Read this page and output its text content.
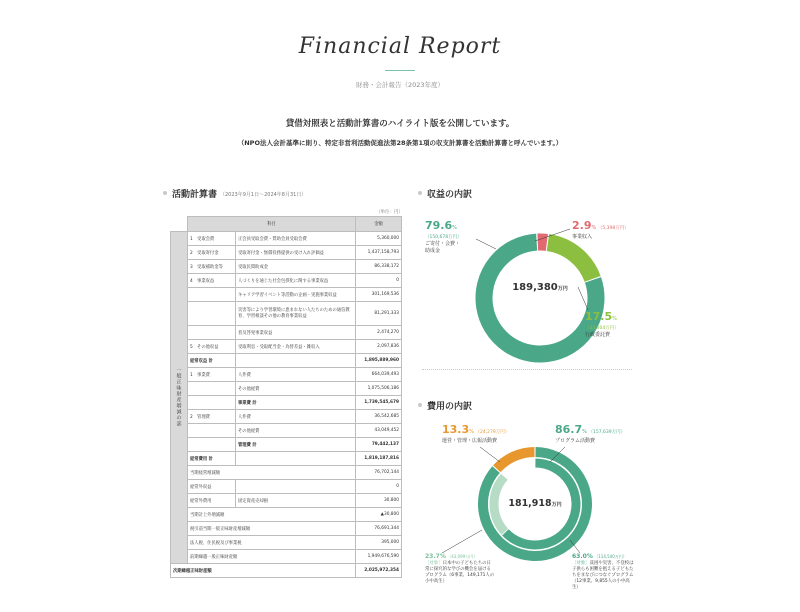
Financial Report
財務・会計報告（2023年度）
貸借対照表と活動計算書のハイライト版を公開しています。
（NPO法人会計基準に則り、特定非営利活動促進法第28条第1項の収支計算書を活動計算書と呼んでいます。）
活動計算書 （2023年9月1日〜2024年8月31日）
（単位：円）
	科目		金額
一般正味財産増減の部	1　受取会費	正会員受取会費・賛助会員受取会費	5,360,000
	2　受取寄付金	受取寄付金・無償役務提供の受け入れ評価益	1,437,158,793
	3　受取補助金等	受取民間助成金	86,338,172
	4　事業収益	人づくりを通じた社会包摂化に関する事業収益	0
		キャリア学習イベント等活動の企画・実施事業収益	301,169,536
		災害等により学習環境に恵まれない人たちのための通信教育、学習相談その他の教育事業収益	81,291,333
		普及啓発事業収益	2,474,270
	5　その他収益	受取利息・受取配当金・為替差益・雑収入	2,097,836
	経常収益 計		1,895,889,960
	1　事業費	人件費	664,039,493
		その他経費	1,075,506,186
		事業費 計	1,739,545,679
	2　管理費	人件費	36,542,685
		その他経費	43,049,452
		管理費 計	79,442,137
	経常費用 計		1,819,187,816
	当期経常増減額		76,702,144
	経常外収益		0
	経常外費用	固定資産売却損	30,800
	当期計上外増減額		▲30,800
	税引前当期一般正味財産増減額		76,691,344
	法人税、住民税及び事業税		395,000
	前期繰越一般正味財産額		1,949,676,590
次期繰越正味財産額			2,025,972,354
収益の内訳
189,380万円
79.6%
（150,678万円）
ご寄付・会費・助成金
2.9% （5,398万円）
事業収入
17.5%
（33,304万円）
行政委託費
費用の内訳
181,918万円
13.3% （24,279万円）
運営・管理・広報活動費
86.7% （157,639万円）
プログラム活動費
23.7% （43,099万円）
［対象］日本中の子どもたちの日常に探究的な学びの機会を届けるプログラム（6事業、149,171人の小中高生）
63.0% （114,540万円）
［対象］貧困や災害、不登校は子供らも困難を抱える子どもたちをまなびにつなぐプログラム（12事業、9,855人の小中高生）
